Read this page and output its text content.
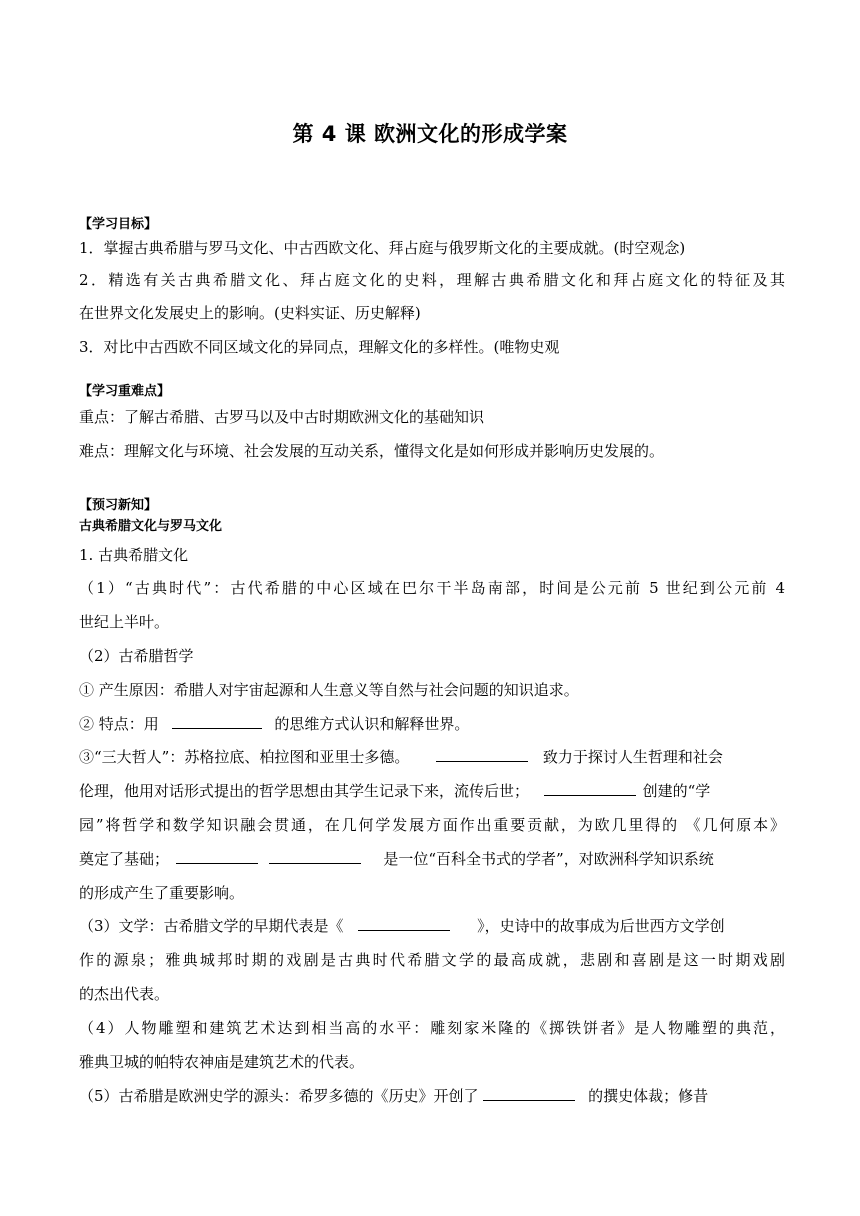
第 4 课 欧洲文化的形成学案
【学习目标】
1．掌握古典希腊与罗马文化、中古西欧文化、拜占庭与俄罗斯文化的主要成就。(时空观念)
2．精选有关古典希腊文化、拜占庭文化的史料，理解古典希腊文化和拜占庭文化的特征及其
在世界文化发展史上的影响。(史料实证、历史解释)
3．对比中古西欧不同区域文化的异同点，理解文化的多样性。(唯物史观
【学习重难点】
重点：了解古希腊、古罗马以及中古时期欧洲文化的基础知识
难点：理解文化与环境、社会发展的互动关系，懂得文化是如何形成并影响历史发展的。
【预习新知】
古典希腊文化与罗马文化
1. 古典希腊文化
（1）“古典时代”：古代希腊的中心区域在巴尔干半岛南部，时间是公元前 5 世纪到公元前 4
世纪上半叶。
（2）古希腊哲学
① 产生原因：希腊人对宇宙起源和人生意义等自然与社会问题的知识追求。
② 特点：用	的思维方式认识和解释世界。
③“三大哲人”：苏格拉底、柏拉图和亚里士多德。	致力于探讨人生哲理和社会
伦理，他用对话形式提出的哲学思想由其学生记录下来，流传后世；	创建的“学
园”将哲学和数学知识融会贯通，在几何学发展方面作出重要贡献，为欧几里得的 《几何原本》
奠定了基础；	是一位“百科全书式的学者”，对欧洲科学知识系统
的形成产生了重要影响。
（3）文学：古希腊文学的早期代表是《	》，史诗中的故事成为后世西方文学创
作的源泉；雅典城邦时期的戏剧是古典时代希腊文学的最高成就，悲剧和喜剧是这一时期戏剧
的杰出代表。
（4）人物雕塑和建筑艺术达到相当高的水平：雕刻家米隆的《掷铁饼者》是人物雕塑的典范，
雅典卫城的帕特农神庙是建筑艺术的代表。
（5）古希腊是欧洲史学的源头：希罗多德的《历史》开创了	的撰史体裁；修昔
